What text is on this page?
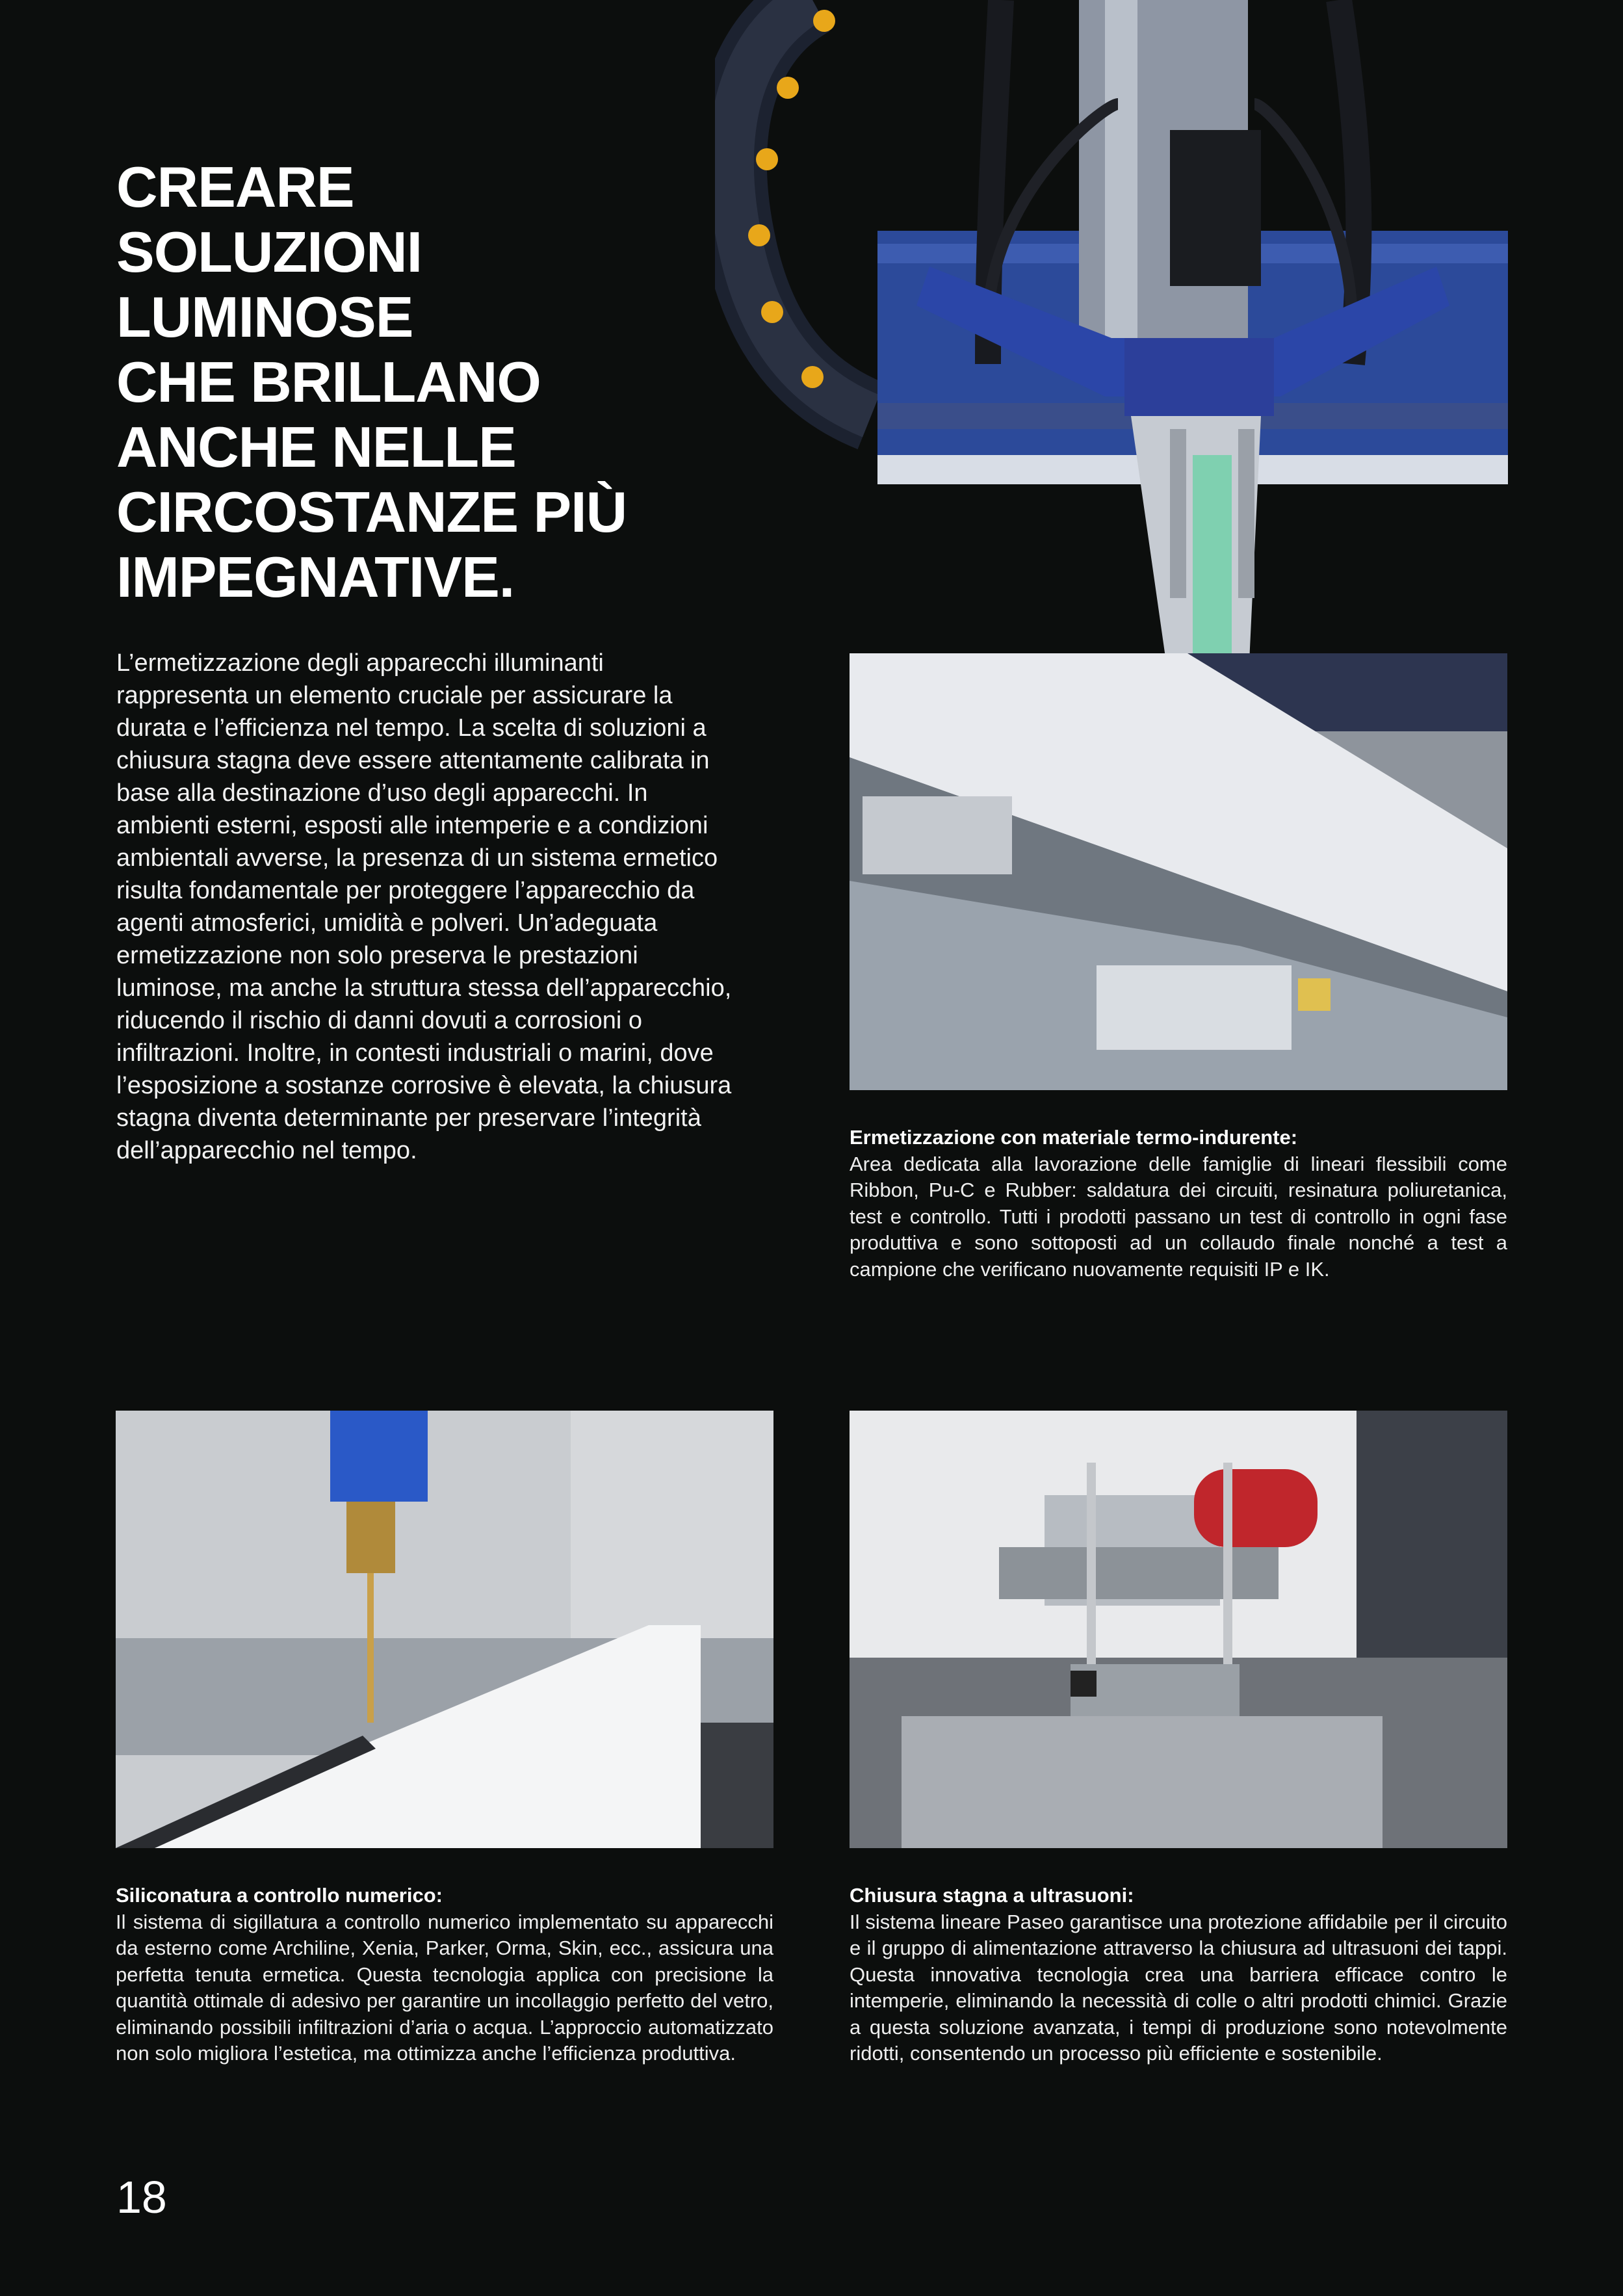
CREARE
SOLUZIONI
LUMINOSE
CHE BRILLANO
ANCHE NELLE
CIRCOSTANZE PIÙ
IMPEGNATIVE.

L’ermetizzazione degli apparecchi illuminanti rappresenta un elemento cruciale per assicurare la durata e l’efficienza nel tempo. La scelta di soluzioni a chiusura stagna deve essere attentamente calibrata in base alla destinazione d’uso degli apparecchi. In ambienti esterni, esposti alle intemperie e a condizioni ambientali avverse, la presenza di un sistema ermetico risulta fondamentale per proteggere l’apparecchio da agenti atmosferici, umidità e polveri. Un’adeguata ermetizzazione non solo preserva le prestazioni luminose, ma anche la struttura stessa dell’apparecchio, riducendo il rischio di danni dovuti a corrosioni o infiltrazioni. Inoltre, in contesti industriali o marini, dove l’esposizione a sostanze corrosive è elevata, la chiusura stagna diventa determinante per preservare l’integrità dell’apparecchio nel tempo.	Ermetizzazione con materiale termo-indurente:
Area dedicata alla lavorazione delle famiglie di lineari flessibili come Ribbon, Pu-C e Rubber: saldatura dei circuiti, resinatura poliuretanica, test e controllo. Tutti i prodotti passano un test di controllo in ogni fase produttiva e sono sottoposti ad un collaudo finale nonché a test a campione che verificano nuovamente requisiti IP e IK.
Siliconatura a controllo numerico:
Il sistema di sigillatura a controllo numerico implementato su apparecchi da esterno come Archiline, Xenia, Parker, Orma, Skin, ecc., assicura una perfetta tenuta ermetica. Questa tecnologia applica con precisione la quantità ottimale di adesivo per garantire un incollaggio perfetto del vetro, eliminando possibili infiltrazioni d’aria o acqua. L’approccio automatizzato non solo migliora l’estetica, ma ottimizza anche l’efficienza produttiva.
Chiusura stagna a ultrasuoni:
Il sistema lineare Paseo garantisce una protezione affidabile per il circuito e il gruppo di alimentazione attraverso la chiusura ad ultrasuoni dei tappi. Questa innovativa tecnologia crea una barriera efficace contro le intemperie, eliminando la necessità di colle o altri prodotti chimici. Grazie a questa soluzione avanzata, i tempi di produzione sono notevolmente ridotti, consentendo un processo più efficiente e sostenibile.
18
